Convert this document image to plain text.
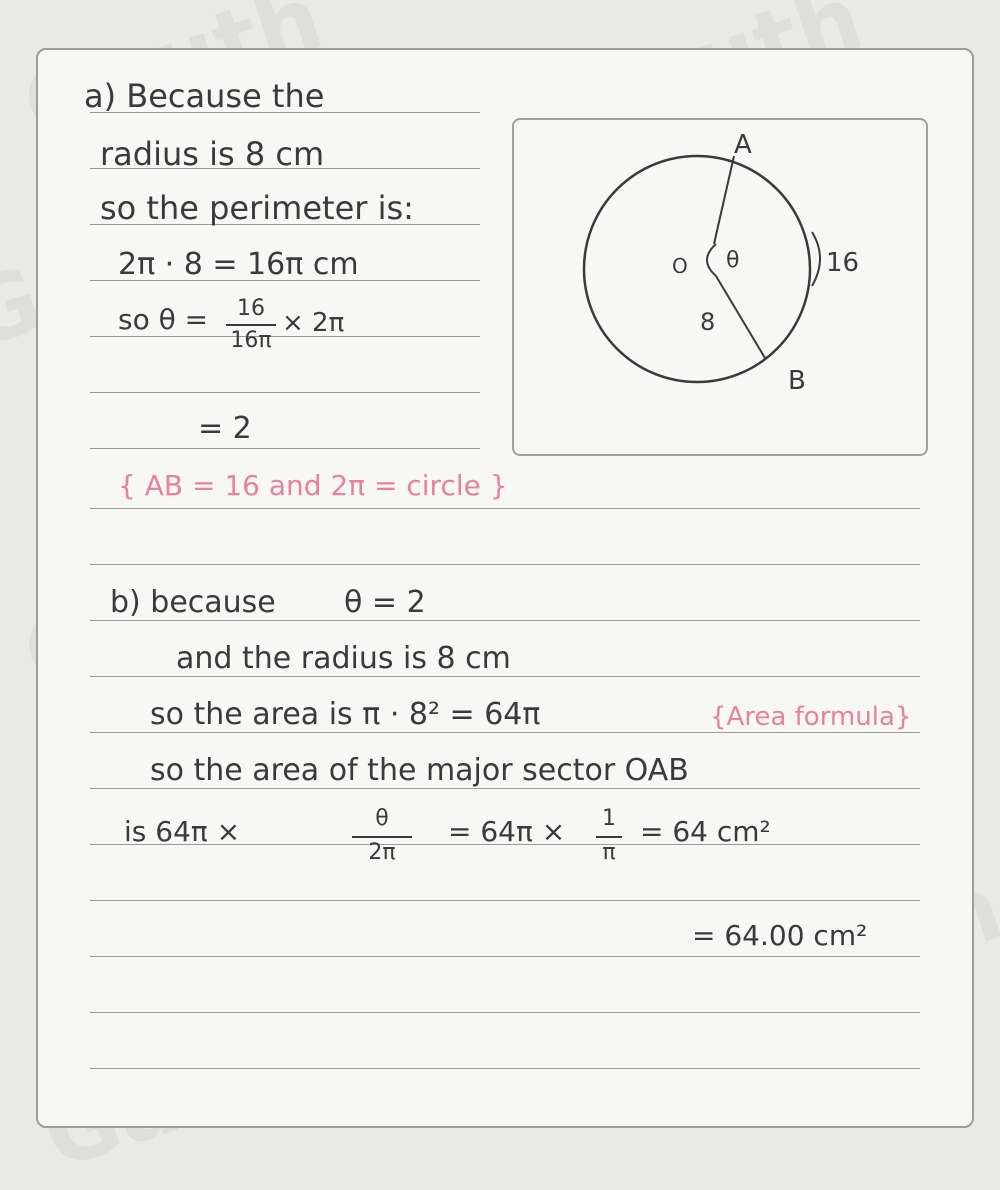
a) Because the
radius is 8 cm
so the perimeter is:
2π · 8 = 16π cm
so θ =	16
16π
× 2π
= 2
{ AB = 16 and 2π = circle }
A
B
O θ	16
8
b) because θ = 2
and the radius is 8 cm
so the area is π · 8² = 64π	{Area formula}
so the area of the major sector OAB
is 64π ×	θ
2π
= 64π ×	1
π
= 64 cm²
= 64.00 cm²
